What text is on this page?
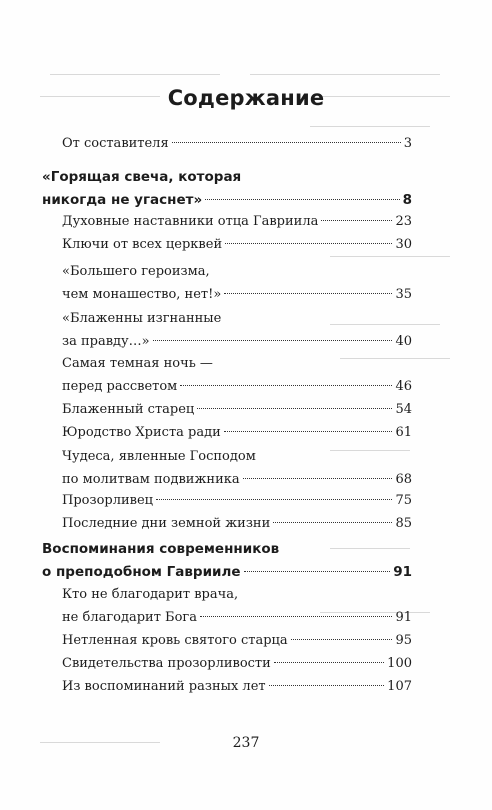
Содержание
От составителя	3
«Горящая свеча, которая
никогда не угаснет»	8
Духовные наставники отца Гавриила	23
Ключи от всех церквей	30
«Большего героизма,
чем монашество, нет!»	35
«Блаженны изгнанные
за правду…»	40
Самая темная ночь —
перед рассветом	46
Блаженный старец	54
Юродство Христа ради	61
Чудеса, явленные Господом
по молитвам подвижника	68
Прозорливец	75
Последние дни земной жизни	85
Воспоминания современников
о преподобном Гаврииле	91
Кто не благодарит врача,
не благодарит Бога	91
Нетленная кровь святого старца	95
Свидетельства прозорливости	100
Из воспоминаний разных лет	107
237
